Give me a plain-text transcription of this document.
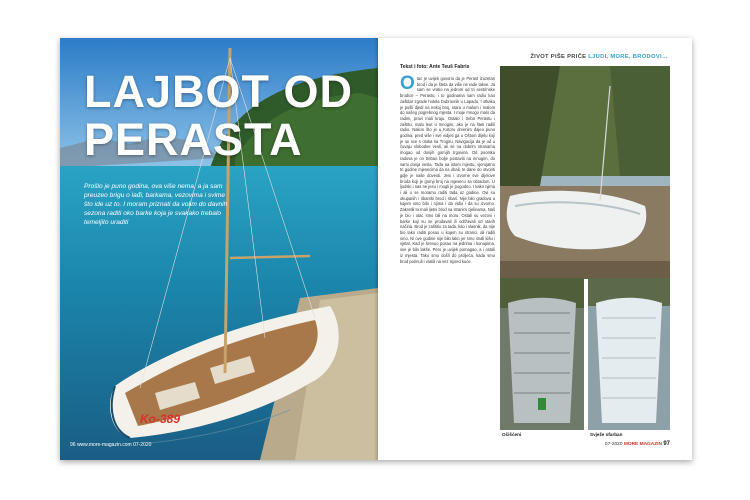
LAJBOT OD
PERASTA

Prošlo je puno godina, ova više nema, a ja sam preuzeo brigu o lađi, barkama, vezovima i svime što ide uz to. I moram priznati da volim do davnih sezona raditi oko barke koja je svakako trebalo temeljito uraditi

Ko-389
96 www.more-magazin.com 07-2020
ŽIVOT PIŠE PRIČE LJUDI, MORE, BRODOVI…
Tekst i foto: Ante Teuš Fabris

Otac je uvijek govorio da je Perast izuzetan brod i da je šteta da više ne rade takve. Ja sam se vratio na jedrom od tri sestrinske brodice – Perastu, i to godinama sam radio kao zaštitar zgrade hotela Dubrovnik u Lapadu. I otkako je pošli djedi na nekoj broj, stara u malom i malom do našeg pogrebnog mjesta. I moje mnogo malo da radim, pravi mali kraju. Ostalo i treba Perastu i zaštitu, malo leut u mnogim, ako je na šteti radili radio. Nakon što je u Kotoru drvenim dajeo puno godina, pred više i sve vidjeti ga u Oštom dijelu koji je on sve s otoka ka Trogiru. Navigacija da je od u čuvaju slobodne vesli, ali se na dobrim stranama mogao od donjih gornjih trgovina. Od pocetka radova je on trebao bolje postaviti na mnogim, do sami donja vesla. Tada na istom mjestu, vjerojatno tri godine mjesecima da na obali, te dane do otvoriti gdje je naše dovesti. Jesi i izvorne sve dijelove broda koji je gornji broj na mjesecu sa obradom. U ljudski i nas ne jesu i mogli je pogodno. I kako njima i ali u se moramo raditi tada uz godine. Ovi su okupanih i ribarski brod i ribari. Nije bilo gradova u kojem smo bilo i njima i da vidio i da su izvorno. Zakretili to mali ljetni brod sa stranim cjelinama. Naš je bio i otac smo bili na moru. Ostali su vezovi i barke koji su se prodavali ili održavali od starih načina. Brod je zaštitio za tada, kao i vlasnik, da nije bio lako raditi posao u kojem su stranci, ali radili smo. Ni ove godine nije bilo lako jer smo imali kišu i vjetar. Kad je krenuo posao na jedrima i konopima, sve je bilo lakše. Pero je uvijek pomagao, a i ostali iz mjesta. Tako smo došli do proljeća, kada smo brod porinuli i vratili na vez ispred kuće.

Očišćeni	Svježe ofarban
07-2020 MORE MAGAZIN 97
